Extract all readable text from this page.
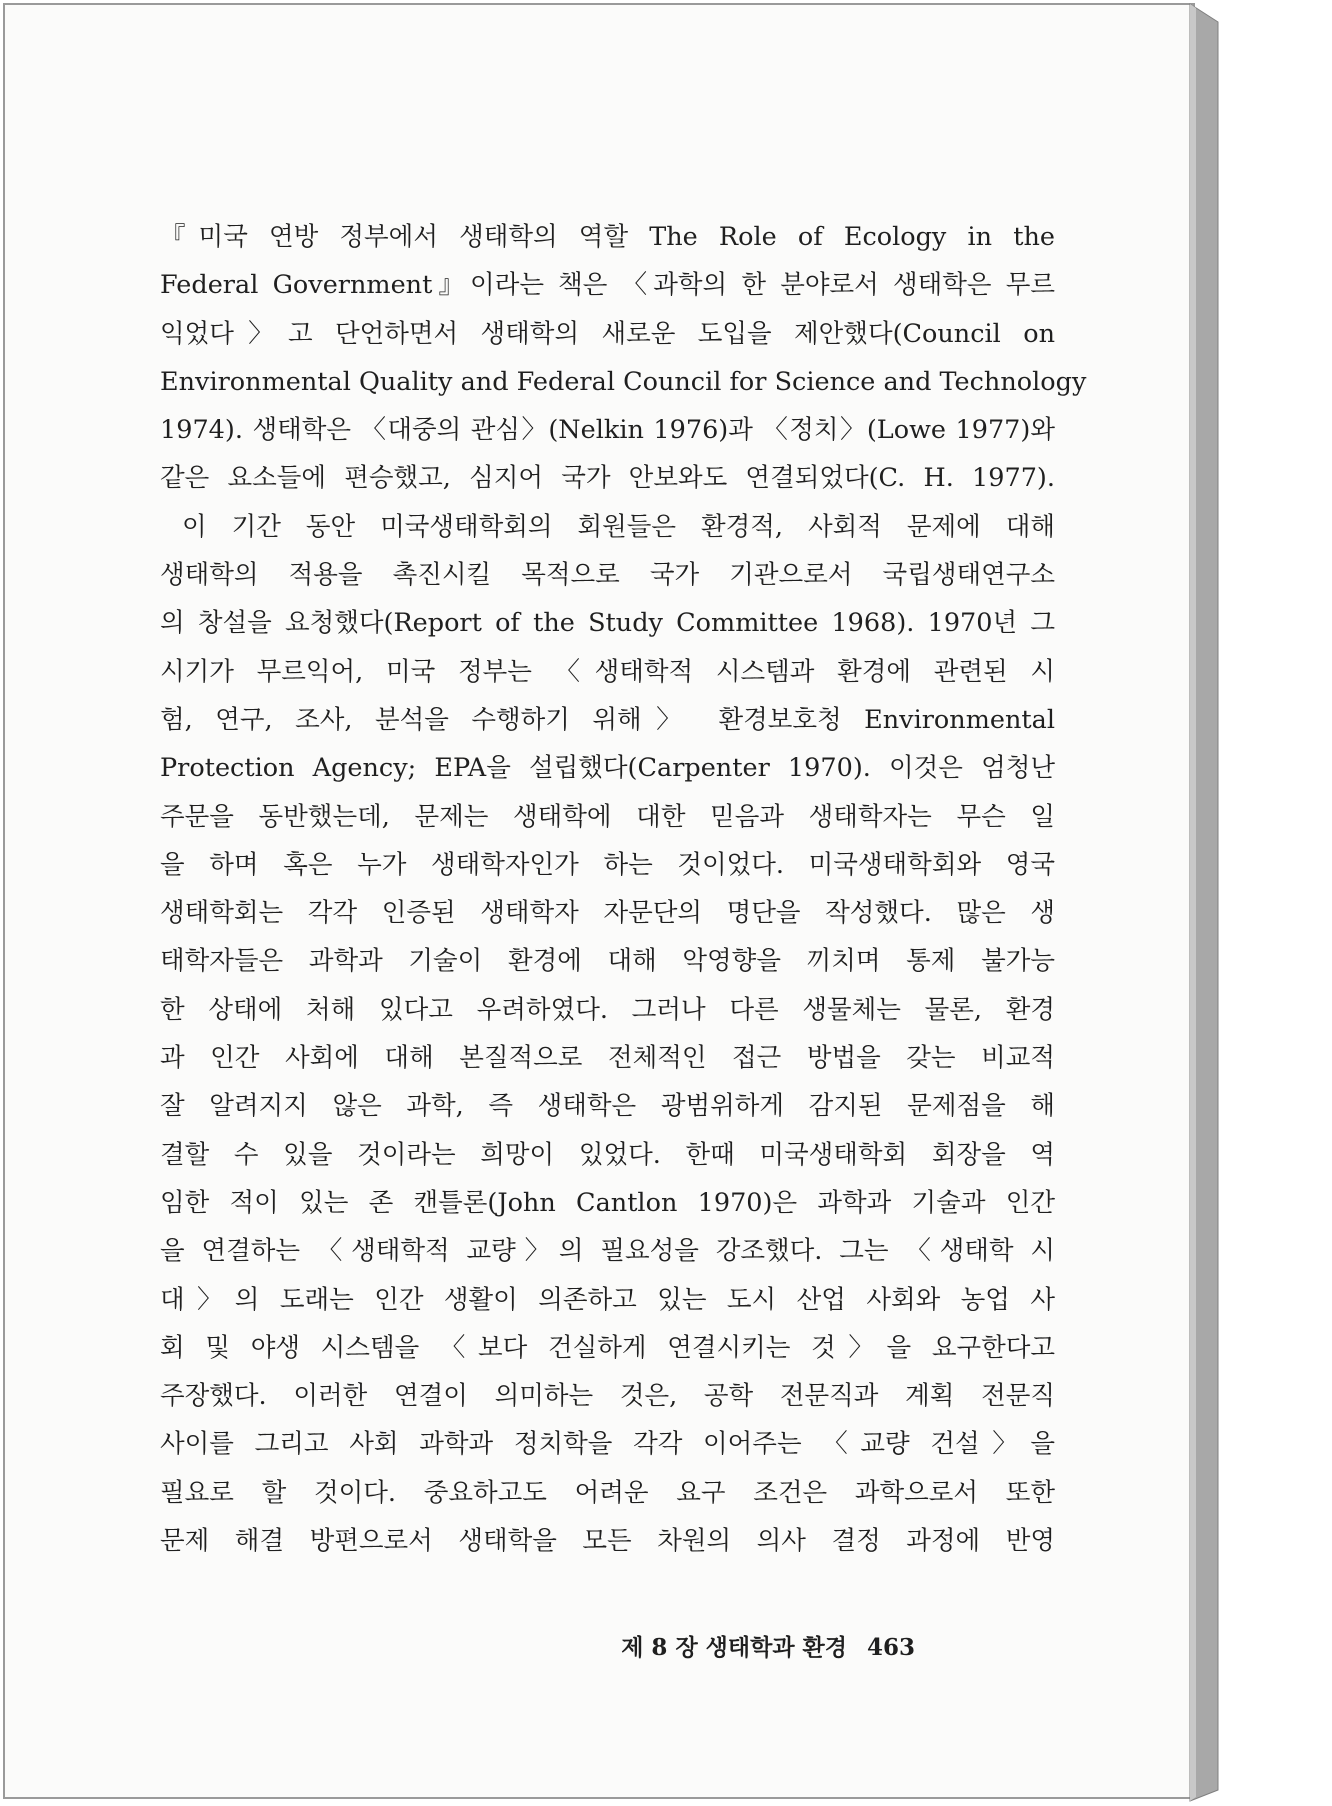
『미국 연방 정부에서 생태학의 역할 The Role of Ecology in the
Federal Government』이라는 책은 〈과학의 한 분야로서 생태학은 무르
익었다〉고 단언하면서 생태학의 새로운 도입을 제안했다(Council on
Environmental Quality and Federal Council for Science and Technology
1974). 생태학은 〈대중의 관심〉(Nelkin 1976)과 〈정치〉(Lowe 1977)와
같은 요소들에 편승했고, 심지어 국가 안보와도 연결되었다(C. H. 1977).
이 기간 동안 미국생태학회의 회원들은 환경적, 사회적 문제에 대해
생태학의 적용을 촉진시킬 목적으로 국가 기관으로서 국립생태연구소
의 창설을 요청했다(Report of the Study Committee 1968). 1970년 그
시기가 무르익어, 미국 정부는 〈생태학적 시스템과 환경에 관련된 시
험, 연구, 조사, 분석을 수행하기 위해〉 환경보호청 Environmental
Protection Agency; EPA을 설립했다(Carpenter 1970). 이것은 엄청난
주문을 동반했는데, 문제는 생태학에 대한 믿음과 생태학자는 무슨 일
을 하며 혹은 누가 생태학자인가 하는 것이었다. 미국생태학회와 영국
생태학회는 각각 인증된 생태학자 자문단의 명단을 작성했다. 많은 생
태학자들은 과학과 기술이 환경에 대해 악영향을 끼치며 통제 불가능
한 상태에 처해 있다고 우려하였다. 그러나 다른 생물체는 물론, 환경
과 인간 사회에 대해 본질적으로 전체적인 접근 방법을 갖는 비교적
잘 알려지지 않은 과학, 즉 생태학은 광범위하게 감지된 문제점을 해
결할 수 있을 것이라는 희망이 있었다. 한때 미국생태학회 회장을 역
임한 적이 있는 존 캔틀론(John Cantlon 1970)은 과학과 기술과 인간
을 연결하는 〈생태학적 교량〉의 필요성을 강조했다. 그는 〈생태학 시
대〉의 도래는 인간 생활이 의존하고 있는 도시 산업 사회와 농업 사
회 및 야생 시스템을 〈보다 건실하게 연결시키는 것〉을 요구한다고
주장했다. 이러한 연결이 의미하는 것은, 공학 전문직과 계획 전문직
사이를 그리고 사회 과학과 정치학을 각각 이어주는 〈교량 건설〉을
필요로 할 것이다. 중요하고도 어려운 요구 조건은 과학으로서 또한
문제 해결 방편으로서 생태학을 모든 차원의 의사 결정 과정에 반영
제 8 장 생태학과 환경 463
